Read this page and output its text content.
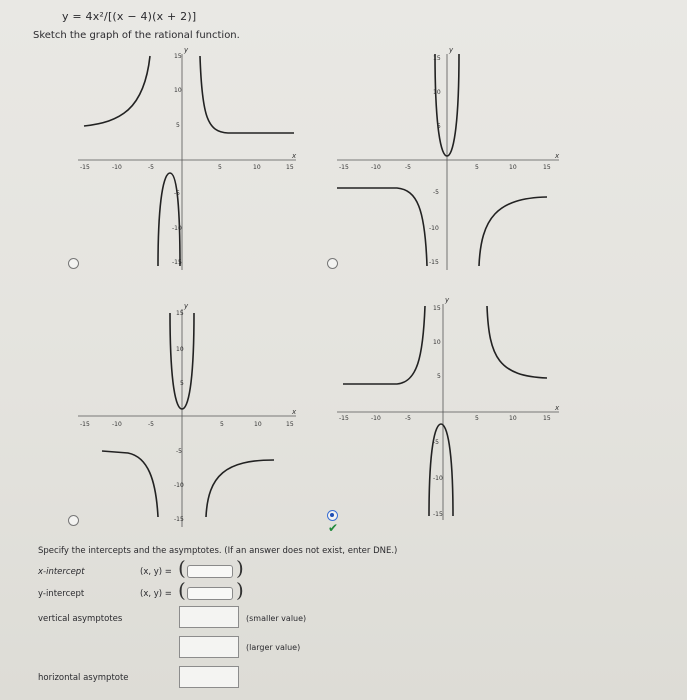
y = 4x²/[(x − 4)(x + 2)]
Sketch the graph of the rational function.
-15	-10	-5	5	10	15
15
10
5
-5
-10
-15
x
y
-15	-10	-5	5	10	15
15
10
5
-5
-10
-15
x
y
-15	-10	-5	5	10	15
15
10
5
-5
-10
-15
x
y
-15	-10	-5	5	10	15
15
10
5
-5
-10
-15
x
y
✔
Specify the intercepts and the asymptotes. (If an answer does not exist, enter DNE.)
x-intercept	(x, y) = (	)
y-intercept	(x, y) = (	)
vertical asymptotes	(smaller value)
(larger value)
horizontal asymptote
